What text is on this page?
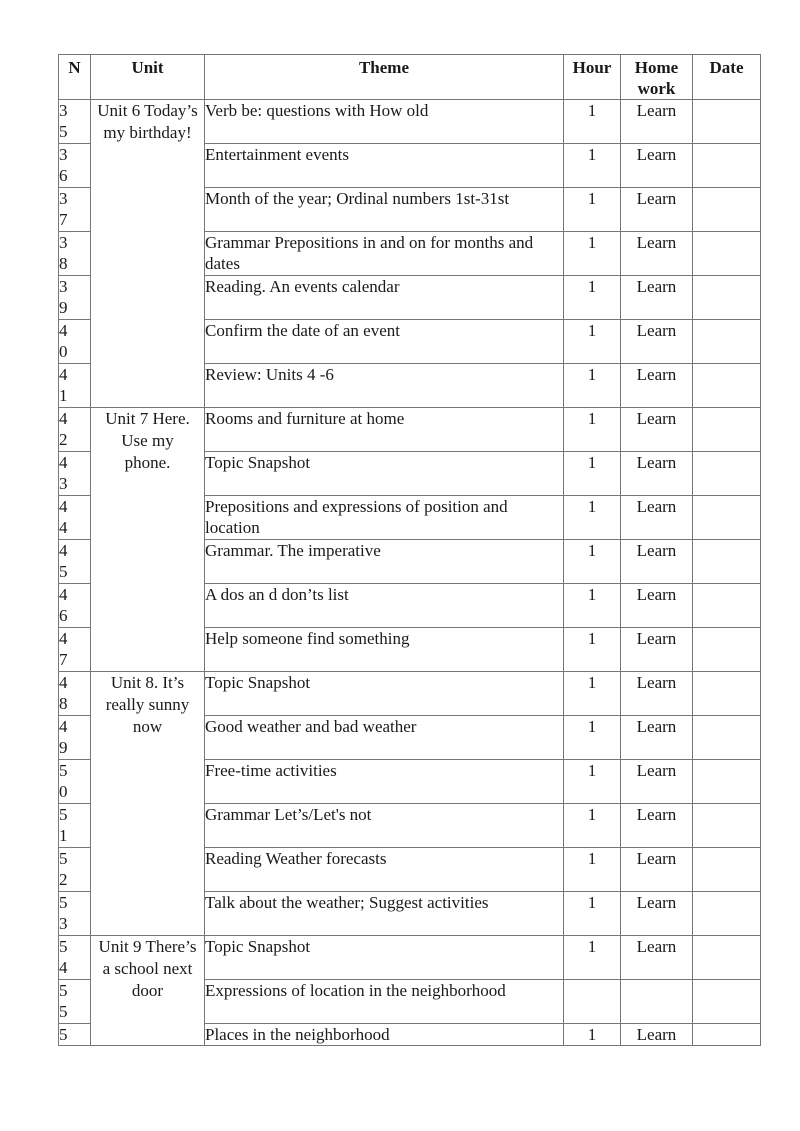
N	Unit	Theme	Hour	Home work	Date

35	Unit 6 Today’s my birthday!	Verb be: questions with How old	1	Learn	

36		Entertainment events	1	Learn	

37		Month of the year; Ordinal numbers 1st-31st	1	Learn	

38		Grammar Prepositions in and on for months and dates	1	Learn	

39		Reading. An events calendar	1	Learn	

40		Confirm the date of an event	1	Learn	

41		Review: Units 4 -6	1	Learn	

42	Unit 7 Here. Use my phone.	Rooms and furniture at home	1	Learn	

43		Topic Snapshot	1	Learn	

44		Prepositions and expressions of position and location	1	Learn	

45		Grammar. The imperative	1	Learn	

46		A dos an d don’ts list	1	Learn	

47		Help someone find something	1	Learn	

48	Unit 8. It’s really sunny now	Topic Snapshot	1	Learn	

49		Good weather and bad weather	1	Learn	

50		Free-time activities	1	Learn	

51		Grammar Let’s/Let's not	1	Learn	

52		Reading Weather forecasts	1	Learn	

53		Talk about the weather; Suggest activities	1	Learn	

54	Unit 9 There’s a school next door	Topic Snapshot	1	Learn	

55		Expressions of location in the neighborhood			

5		Places in the neighborhood	1	Learn	
